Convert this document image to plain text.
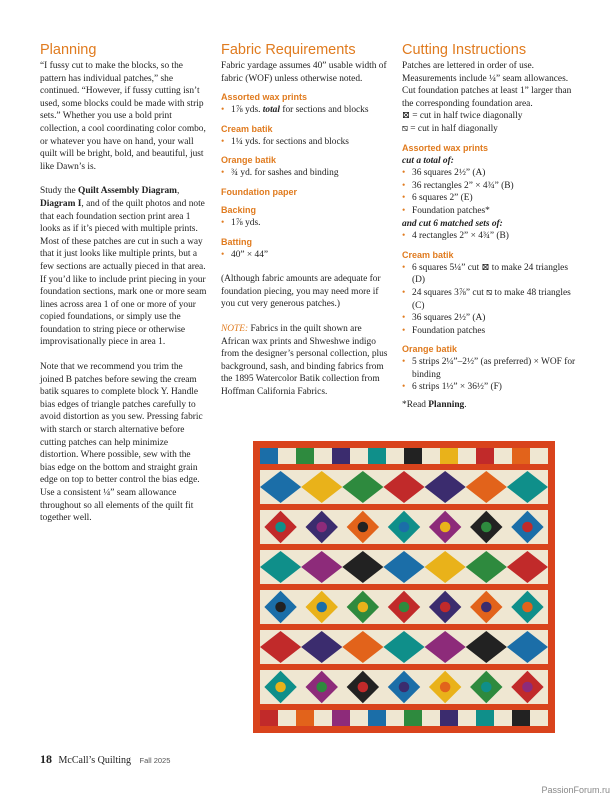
Planning

“I fussy cut to make the blocks, so the pattern has individual patches,” she continued. “However, if fussy cutting isn’t used, some blocks could be made with strip sets.” Whether you use a bold print collection, a cool coordinating color combo, or whatever you have on hand, your wall quilt will be bright, bold, and beautiful, just like Dawn’s is.

Study the Quilt Assembly Diagram, Diagram I, and of the quilt photos and note that each foundation section print area 1 looks as if it’s pieced with multiple prints. Most of these patches are cut in such a way that it just looks like multiple prints, but a few sections are actually pieced in that area. If you’d like to include print piecing in your foundation sections, mark one or more seam lines across area 1 of one or more of your copied foundations, or simply use the foundation to string piece or otherwise improvisationally piece in area 1.

Note that we recommend you trim the joined B patches before sewing the cream batik squares to complete block Y. Handle bias edges of triangle patches carefully to avoid distortion as you sew. Pressing fabric with starch or starch alternative before cutting patches can help minimize distortion. Where possible, sew with the bias edge on the bottom and straight grain edge on top to better control the bias edge. Use a consistent ¼” seam allowance throughout so all elements of the quilt fit together well.

Fabric Requirements
Fabric yardage assumes 40” usable width of fabric (WOF) unless otherwise noted.
Assorted wax prints
• 1⅞ yds. total for sections and blocks
Cream batik
• 1¼ yds. for sections and blocks
Orange batik
• ¾ yd. for sashes and binding
Foundation paper
Backing
• 1⅞ yds.
Batting
• 40” × 44”

(Although fabric amounts are adequate for foundation piecing, you may need more if you cut very generous patches.)

NOTE: Fabrics in the quilt shown are African wax prints and Shweshwe indigo from the designer’s personal collection, plus background, sash, and binding fabrics from the 1895 Watercolor Batik collection from Hoffman California Fabrics.

Cutting Instructions
Patches are lettered in order of use. Measurements include ¼” seam allowances. Cut foundation patches at least 1” larger than the corresponding foundation area.
⊠ = cut in half twice diagonally
⧅ = cut in half diagonally
Assorted wax prints
cut a total of:
• 36 squares 2½” (A)
• 36 rectangles 2” × 4¾” (B)
• 6 squares 2” (E)
• Foundation patches*
and cut 6 matched sets of:
• 4 rectangles 2” × 4¾” (B)
Cream batik
• 6 squares 5¼” cut ⊠ to make 24 triangles (D)
• 24 squares 3⅞” cut ⧅ to make 48 triangles (C)
• 36 squares 2½” (A)
• Foundation patches
Orange batik
• 5 strips 2¼”–2½” (as preferred) × WOF for binding
• 6 strips 1½” × 36½” (F)
*Read Planning.
18 McCall’s Quilting Fall 2025
PassionForum.ru
